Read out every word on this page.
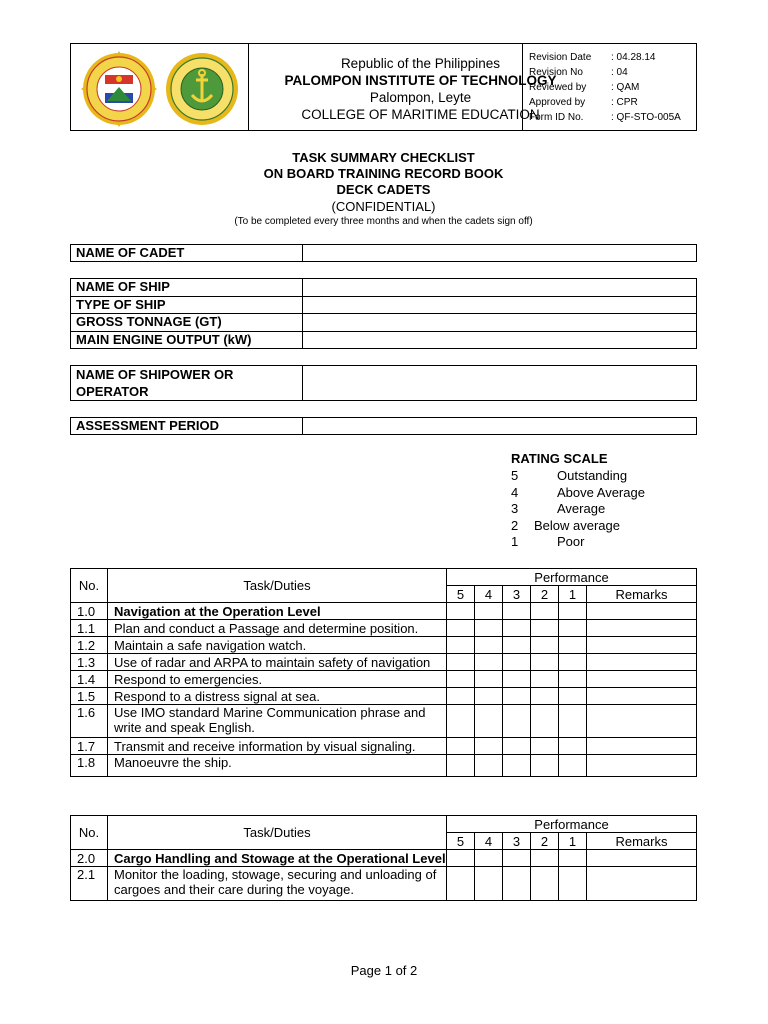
Republic of the Philippines
PALOMPON INSTITUTE OF TECHNOLOGY
Palompon, Leyte
COLLEGE OF MARITIME EDUCATION
Revision Date : 04.28.14
Revision No	: 04
Reviewed by : QAM
Approved by	: CPR
Form ID No.	: QF-STO-005A
TASK SUMMARY CHECKLIST
ON BOARD TRAINING RECORD BOOK
DECK CADETS
(CONFIDENTIAL)
(To be completed every three months and when the cadets sign off)
NAME OF CADET	
NAME OF SHIP	
TYPE OF SHIP	
GROSS TONNAGE (GT)	
MAIN ENGINE OUTPUT (kW)	
NAME OF SHIPOWER OR
OPERATOR

ASSESSMENT PERIOD	
RATING SCALE
5	Outstanding
4	Above Average
3	Average
2 Below average
1	Poor
No.	Task/Duties	Performance					
		5	4	3	2	1	Remarks
1.0	Navigation at the Operation Level						
1.1	Plan and conduct a Passage and determine position.						
1.2	Maintain a safe navigation watch.						
1.3	Use of radar and ARPA to maintain safety of navigation						
1.4	Respond to emergencies.						
1.5	Respond to a distress signal at sea.						
1.6	Use IMO standard Marine Communication phrase and
write and speak English.						

1.7	Transmit and receive information by visual signaling.						
1.8	Manoeuvre the ship.						
No.	Task/Duties	Performance					
		5	4	3	2	1	Remarks
2.0	Cargo Handling and Stowage at the Operational Level						
2.1	Monitor the loading, stowage, securing and unloading of
cargoes and their care during the voyage.						

Page 1 of 2
